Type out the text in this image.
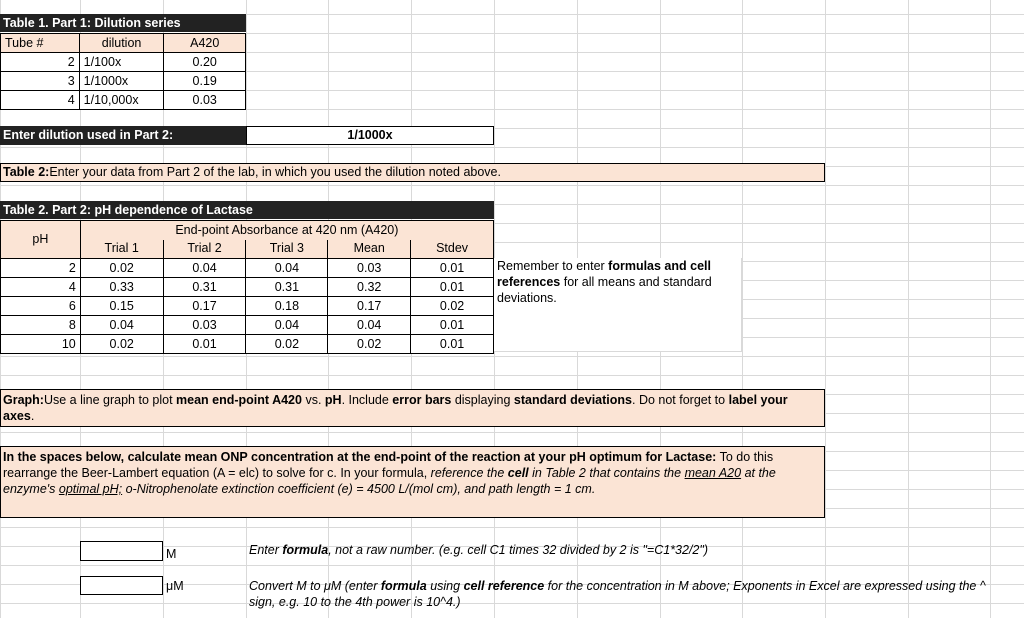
Table 1. Part 1: Dilution series
Tube #	dilution	A420
2	1/100x	0.20
3	1/1000x	0.19
4	1/10,000x	0.03
Enter dilution used in Part 2:	1/1000x
Table 2:Enter your data from Part 2 of the lab, in which you used the dilution noted above.
Table 2. Part 2: pH dependence of Lactase
pH	End-point Absorbance at 420 nm (A420)				
	Trial 1	Trial 2	Trial 3	Mean	Stdev
2	0.02	0.04	0.04	0.03	0.01
4	0.33	0.31	0.31	0.32	0.01
6	0.15	0.17	0.18	0.17	0.02
8	0.04	0.03	0.04	0.04	0.01
10	0.02	0.01	0.02	0.02	0.01
Remember to enter formulas and cell references for all means and standard deviations.
Graph:Use a line graph to plot mean end-point A420 vs. pH. Include error bars displaying standard deviations. Do not forget to label your axes.
In the spaces below, calculate mean ONP concentration at the end-point of the reaction at your pH optimum for Lactase: To do this rearrange the Beer-Lambert equation (A = elc) to solve for c. In your formula, reference the cell in Table 2 that contains the mean A20 at the enzyme's optimal pH; o-Nitrophenolate extinction coefficient (e) = 4500 L/(mol cm), and path length = 1 cm.
M	Enter formula, not a raw number. (e.g. cell C1 times 32 divided by 2 is "=C1*32/2")
μM	Convert M to μM (enter formula using cell reference for the concentration in M above; Exponents in Excel are expressed using the ^ sign, e.g. 10 to the 4th power is 10^4.)
